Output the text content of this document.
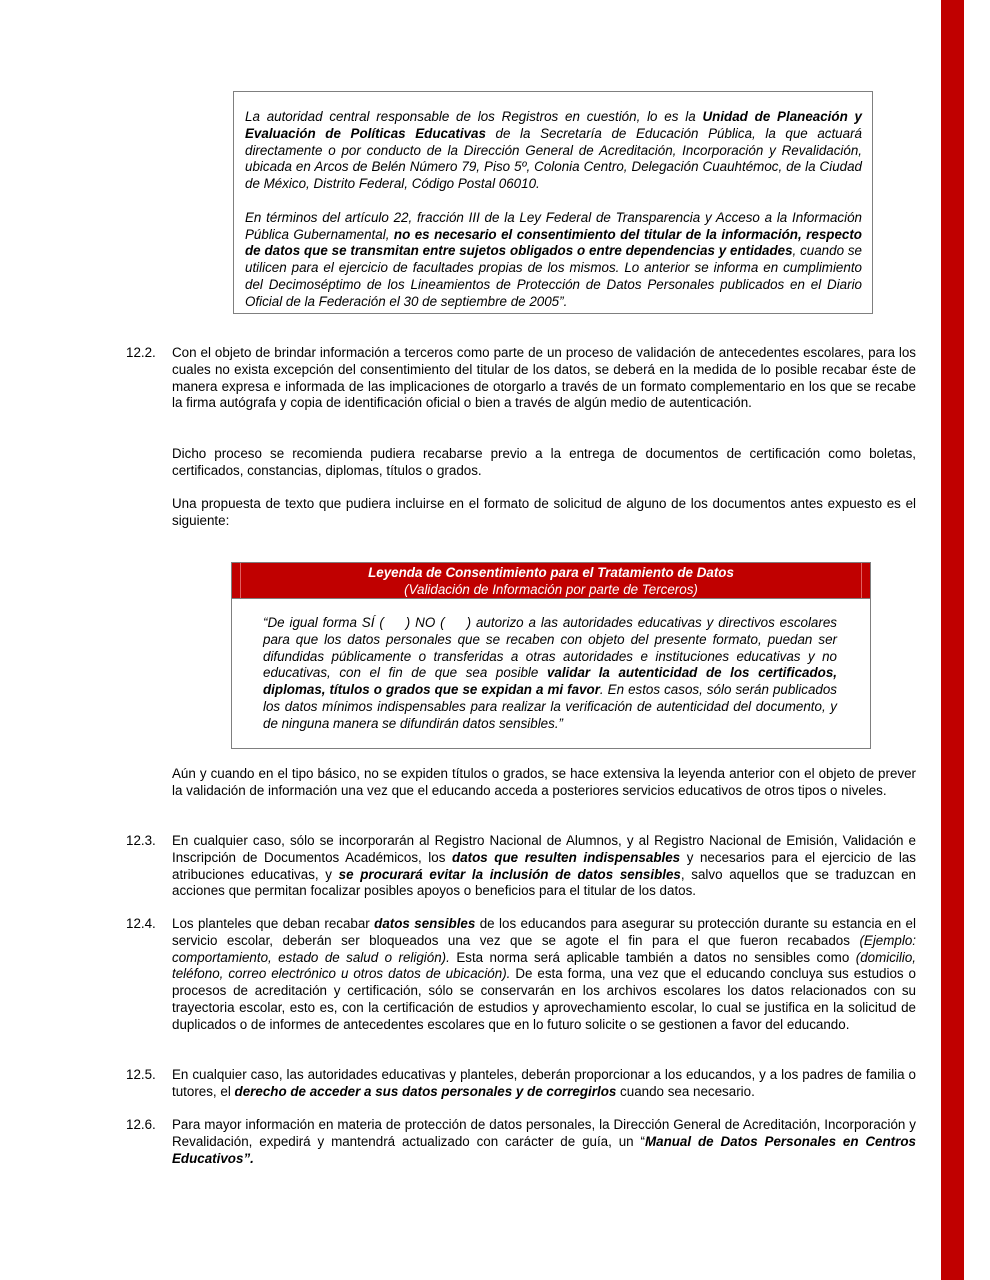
La autoridad central responsable de los Registros en cuestión, lo es la Unidad de Planeación y Evaluación de Políticas Educativas de la Secretaría de Educación Pública, la que actuará directamente o por conducto de la Dirección General de Acreditación, Incorporación y Revalidación, ubicada en Arcos de Belén Número 79, Piso 5º, Colonia Centro, Delegación Cuauhtémoc, de la Ciudad de México, Distrito Federal, Código Postal 06010.

En términos del artículo 22, fracción III de la Ley Federal de Transparencia y Acceso a la Información Pública Gubernamental, no es necesario el consentimiento del titular de la información, respecto de datos que se transmitan entre sujetos obligados o entre dependencias y entidades, cuando se utilicen para el ejercicio de facultades propias de los mismos. Lo anterior se informa en cumplimiento del Decimoséptimo de los Lineamientos de Protección de Datos Personales publicados en el Diario Oficial de la Federación el 30 de septiembre de 2005”.

12.2. Con el objeto de brindar información a terceros como parte de un proceso de validación de antecedentes escolares, para los cuales no exista excepción del consentimiento del titular de los datos, se deberá en la medida de lo posible recabar éste de manera expresa e informada de las implicaciones de otorgarlo a través de un formato complementario en los que se recabe la firma autógrafa y copia de identificación oficial o bien a través de algún medio de autenticación.

Dicho proceso se recomienda pudiera recabarse previo a la entrega de documentos de certificación como boletas, certificados, constancias, diplomas, títulos o grados.

Una propuesta de texto que pudiera incluirse en el formato de solicitud de alguno de los documentos antes expuesto es el siguiente:

Leyenda de Consentimiento para el Tratamiento de Datos
(Validación de Información por parte de Terceros)
“De igual forma SÍ ( ) NO ( ) autorizo a las autoridades educativas y directivos escolares para que los datos personales que se recaben con objeto del presente formato, puedan ser difundidas públicamente o transferidas a otras autoridades e instituciones educativas y no educativas, con el fin de que sea posible validar la autenticidad de los certificados, diplomas, títulos o grados que se expidan a mi favor. En estos casos, sólo serán publicados los datos mínimos indispensables para realizar la verificación de autenticidad del documento, y de ninguna manera se difundirán datos sensibles.”

Aún y cuando en el tipo básico, no se expiden títulos o grados, se hace extensiva la leyenda anterior con el objeto de prever la validación de información una vez que el educando acceda a posteriores servicios educativos de otros tipos o niveles.

12.3. En cualquier caso, sólo se incorporarán al Registro Nacional de Alumnos, y al Registro Nacional de Emisión, Validación e Inscripción de Documentos Académicos, los datos que resulten indispensables y necesarios para el ejercicio de las atribuciones educativas, y se procurará evitar la inclusión de datos sensibles, salvo aquellos que se traduzcan en acciones que permitan focalizar posibles apoyos o beneficios para el titular de los datos.
12.4. Los planteles que deban recabar datos sensibles de los educandos para asegurar su protección durante su estancia en el servicio escolar, deberán ser bloqueados una vez que se agote el fin para el que fueron recabados (Ejemplo: comportamiento, estado de salud o religión). Esta norma será aplicable también a datos no sensibles como (domicilio, teléfono, correo electrónico u otros datos de ubicación). De esta forma, una vez que el educando concluya sus estudios o procesos de acreditación y certificación, sólo se conservarán en los archivos escolares los datos relacionados con su trayectoria escolar, esto es, con la certificación de estudios y aprovechamiento escolar, lo cual se justifica en la solicitud de duplicados o de informes de antecedentes escolares que en lo futuro solicite o se gestionen a favor del educando.
12.5. En cualquier caso, las autoridades educativas y planteles, deberán proporcionar a los educandos, y a los padres de familia o tutores, el derecho de acceder a sus datos personales y de corregirlos cuando sea necesario.
12.6. Para mayor información en materia de protección de datos personales, la Dirección General de Acreditación, Incorporación y Revalidación, expedirá y mantendrá actualizado con carácter de guía, un “Manual de Datos Personales en Centros Educativos”.
